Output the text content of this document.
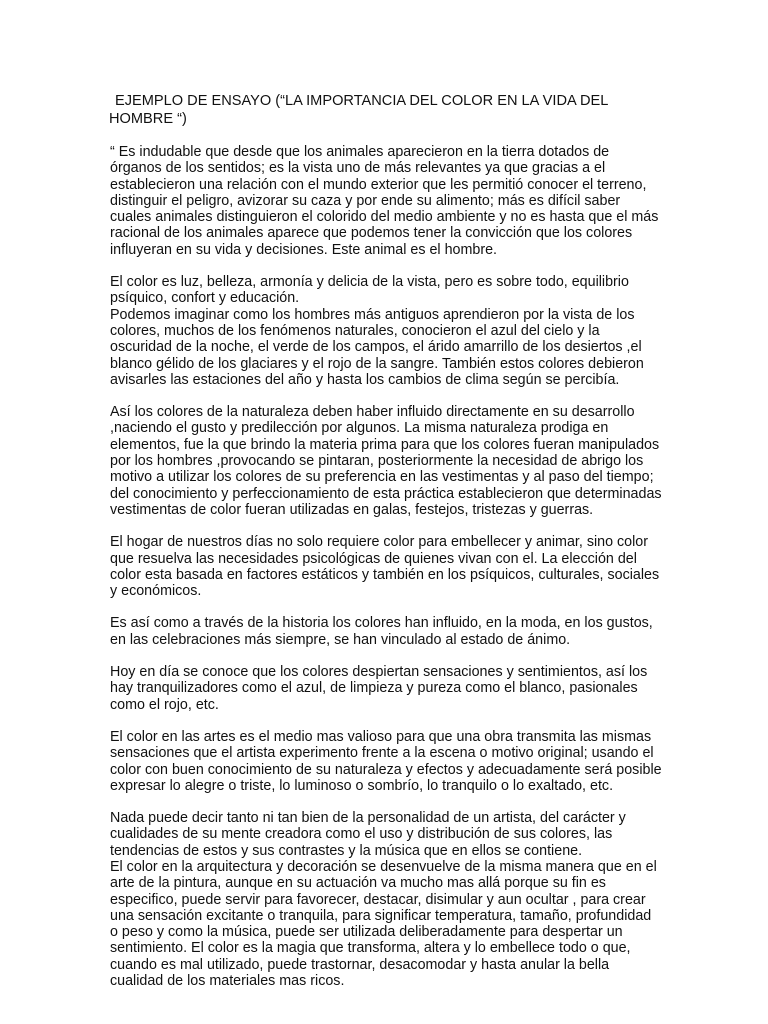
EJEMPLO DE ENSAYO (“LA IMPORTANCIA DEL COLOR EN LA VIDA DEL
HOMBRE “)

“ Es indudable que desde que los animales aparecieron en la tierra dotados de
órganos de los sentidos; es la vista uno de más relevantes ya que gracias a el
establecieron una relación con el mundo exterior que les permitió conocer el terreno,
distinguir el peligro, avizorar su caza y por ende su alimento; más es difícil saber
cuales animales distinguieron el colorido del medio ambiente y no es hasta que el más
racional de los animales aparece que podemos tener la convicción que los colores
influyeran en su vida y decisiones. Este animal es el hombre.

El color es luz, belleza, armonía y delicia de la vista, pero es sobre todo, equilibrio
psíquico, confort y educación.
Podemos imaginar como los hombres más antiguos aprendieron por la vista de los
colores, muchos de los fenómenos naturales, conocieron el azul del cielo y la
oscuridad de la noche, el verde de los campos, el árido amarrillo de los desiertos ,el
blanco gélido de los glaciares y el rojo de la sangre. También estos colores debieron
avisarles las estaciones del año y hasta los cambios de clima según se percibía.

Así los colores de la naturaleza deben haber influido directamente en su desarrollo
,naciendo el gusto y predilección por algunos. La misma naturaleza prodiga en
elementos, fue la que brindo la materia prima para que los colores fueran manipulados
por los hombres ,provocando se pintaran, posteriormente la necesidad de abrigo los
motivo a utilizar los colores de su preferencia en las vestimentas y al paso del tiempo;
del conocimiento y perfeccionamiento de esta práctica establecieron que determinadas
vestimentas de color fueran utilizadas en galas, festejos, tristezas y guerras.

El hogar de nuestros días no solo requiere color para embellecer y animar, sino color
que resuelva las necesidades psicológicas de quienes vivan con el. La elección del
color esta basada en factores estáticos y también en los psíquicos, culturales, sociales
y económicos.

Es así como a través de la historia los colores han influido, en la moda, en los gustos,
en las celebraciones más siempre, se han vinculado al estado de ánimo.

Hoy en día se conoce que los colores despiertan sensaciones y sentimientos, así los
hay tranquilizadores como el azul, de limpieza y pureza como el blanco, pasionales
como el rojo, etc.

El color en las artes es el medio mas valioso para que una obra transmita las mismas
sensaciones que el artista experimento frente a la escena o motivo original; usando el
color con buen conocimiento de su naturaleza y efectos y adecuadamente será posible
expresar lo alegre o triste, lo luminoso o sombrío, lo tranquilo o lo exaltado, etc.

Nada puede decir tanto ni tan bien de la personalidad de un artista, del carácter y
cualidades de su mente creadora como el uso y distribución de sus colores, las
tendencias de estos y sus contrastes y la música que en ellos se contiene.
El color en la arquitectura y decoración se desenvuelve de la misma manera que en el
arte de la pintura, aunque en su actuación va mucho mas allá porque su fin es
especifico, puede servir para favorecer, destacar, disimular y aun ocultar , para crear
una sensación excitante o tranquila, para significar temperatura, tamaño, profundidad
o peso y como la música, puede ser utilizada deliberadamente para despertar un
sentimiento. El color es la magia que transforma, altera y lo embellece todo o que,
cuando es mal utilizado, puede trastornar, desacomodar y hasta anular la bella
cualidad de los materiales mas ricos.
